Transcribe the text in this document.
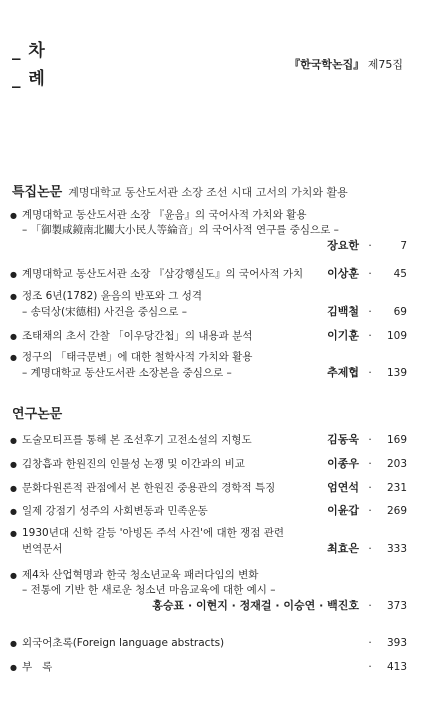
_ 차
_ 례
『한국학논집』 제75집
특집논문 계명대학교 동산도서관 소장 조선 시대 고서의 가치와 활용
● 계명대학교 동산도서관 소장 『윤음』의 국어사적 가치와 활용
– 「御製咸鏡南北關大小民人等綸音」의 국어사적 연구를 중심으로 –
장요한 ·	7
● 계명대학교 동산도서관 소장 『삼강행실도』의 국어사적 가치	이상훈 ·	45
● 정조 6년(1782) 윤음의 반포와 그 성격
– 송덕상(宋德相) 사건을 중심으로 –	김백철 ·	69
● 조태채의 초서 간찰 「이우당간첩」의 내용과 분석	이기훈 ·	109
● 정구의 「태극문변」에 대한 철학사적 가치와 활용
– 계명대학교 동산도서관 소장본을 중심으로 –	추제협 ·	139
연구논문
● 도술모티프를 통해 본 조선후기 고전소설의 지형도	김동욱 ·	169
● 김창흡과 한원진의 인물성 논쟁 및 이간과의 비교	이종우 ·	203
● 문화다원론적 관점에서 본 한원진 중용관의 경학적 특징	엄연석 ·	231
● 일제 강점기 성주의 사회변동과 민족운동	이윤갑 ·	269
● 1930년대 신학 갈등 '아빙돈 주석 사건'에 대한 쟁점 관련
번역문서	최효은 ·	333
● 제4차 산업혁명과 한국 청소년교육 패러다임의 변화
– 전통에 기반 한 새로운 청소년 마음교육에 대한 예시 –
홍승표 · 이현지 · 정재걸 · 이승연 · 백진호 ·	373
● 외국어초록(Foreign language abstracts)	·	393
● 부   록	·	413
